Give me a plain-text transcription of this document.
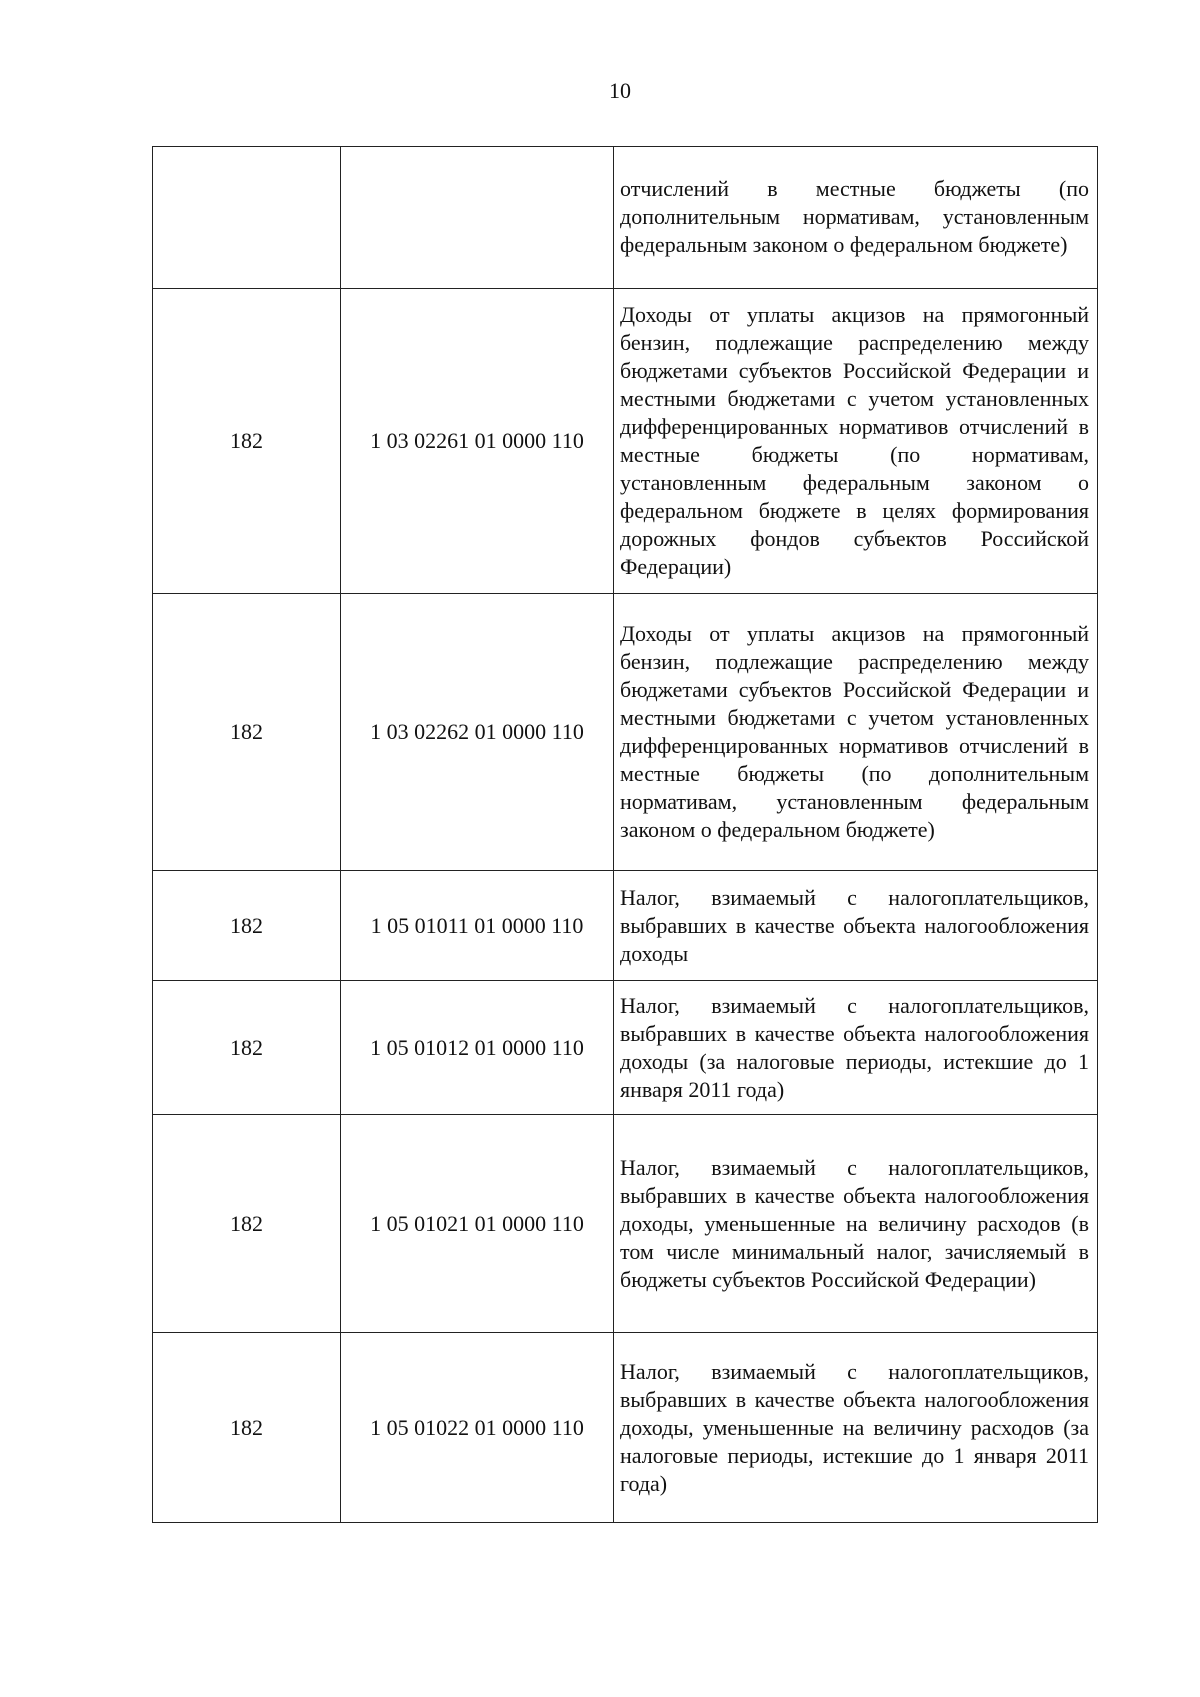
10
		отчислений в местные бюджеты (по дополнительным нормативам, установленным федеральным законом о федеральном бюджете)
182	1 03 02261 01 0000 110	Доходы от уплаты акцизов на прямогонный бензин, подлежащие распределению между бюджетами субъектов Российской Федерации и местными бюджетами с учетом установленных дифференцированных нормативов отчислений в местные бюджеты (по нормативам, установленным федеральным законом о федеральном бюджете в целях формирования дорожных фондов субъектов Российской Федерации)
182	1 03 02262 01 0000 110	Доходы от уплаты акцизов на прямогонный бензин, подлежащие распределению между бюджетами субъектов Российской Федерации и местными бюджетами с учетом установленных дифференцированных нормативов отчислений в местные бюджеты (по дополнительным нормативам, установленным федеральным законом о федеральном бюджете)
182	1 05 01011 01 0000 110	Налог, взимаемый с налогоплательщиков, выбравших в качестве объекта налогообложения доходы
182	1 05 01012 01 0000 110	Налог, взимаемый с налогоплательщиков, выбравших в качестве объекта налогообложения доходы (за налоговые периоды, истекшие до 1 января 2011 года)
182	1 05 01021 01 0000 110	Налог, взимаемый с налогоплательщиков, выбравших в качестве объекта налогообложения доходы, уменьшенные на величину расходов (в том числе минимальный налог, зачисляемый в бюджеты субъектов Российской Федерации)
182	1 05 01022 01 0000 110	Налог, взимаемый с налогоплательщиков, выбравших в качестве объекта налогообложения доходы, уменьшенные на величину расходов (за налоговые периоды, истекшие до 1 января 2011 года)
